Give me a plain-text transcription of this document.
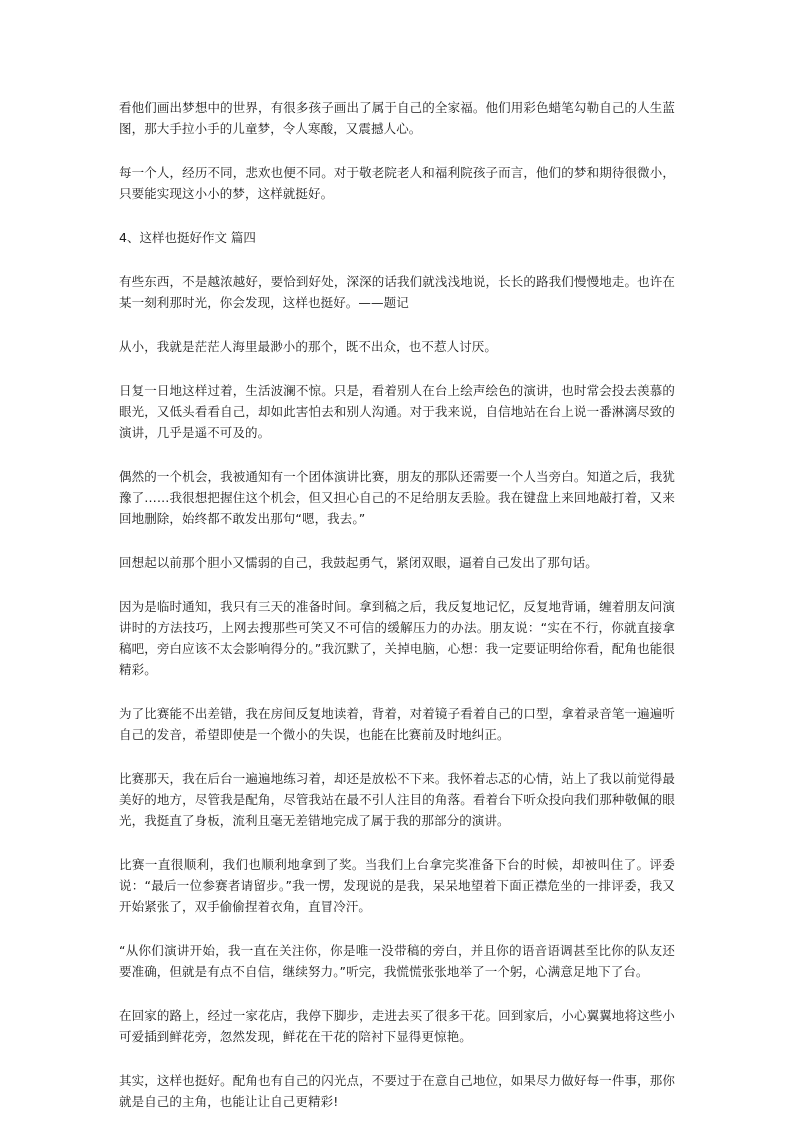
看他们画出梦想中的世界，有很多孩子画出了属于自己的全家福。他们用彩色蜡笔勾勒自己的人生蓝图，那大手拉小手的儿童梦，令人寒酸，又震撼人心。

每一个人，经历不同，悲欢也便不同。对于敬老院老人和福利院孩子而言，他们的梦和期待很微小，只要能实现这小小的梦，这样就挺好。

4、这样也挺好作文 篇四

有些东西，不是越浓越好，要恰到好处，深深的话我们就浅浅地说，长长的路我们慢慢地走。也许在某一刻利那时光，你会发现，这样也挺好。——题记

从小，我就是茫茫人海里最渺小的那个，既不出众，也不惹人讨厌。

日复一日地这样过着，生活波澜不惊。只是，看着别人在台上绘声绘色的演讲，也时常会投去羡慕的眼光，又低头看看自己，却如此害怕去和别人沟通。对于我来说，自信地站在台上说一番淋漓尽致的演讲，几乎是遥不可及的。

偶然的一个机会，我被通知有一个团体演讲比赛，朋友的那队还需要一个人当旁白。知道之后，我犹豫了……我很想把握住这个机会，但又担心自己的不足给朋友丢脸。我在键盘上来回地敲打着，又来回地删除，始终都不敢发出那句“嗯，我去。”

回想起以前那个胆小又懦弱的自己，我鼓起勇气，紧闭双眼，逼着自己发出了那句话。

因为是临时通知，我只有三天的准备时间。拿到稿之后，我反复地记忆，反复地背诵，缠着朋友问演讲时的方法技巧，上网去搜那些可笑又不可信的缓解压力的办法。朋友说：“实在不行，你就直接拿稿吧，旁白应该不太会影响得分的。”我沉默了，关掉电脑，心想：我一定要证明给你看，配角也能很精彩。

为了比赛能不出差错，我在房间反复地读着，背着，对着镜子看着自己的口型，拿着录音笔一遍遍听自己的发音，希望即使是一个微小的失误，也能在比赛前及时地纠正。

比赛那天，我在后台一遍遍地练习着，却还是放松不下来。我怀着忐忑的心情，站上了我以前觉得最美好的地方，尽管我是配角，尽管我站在最不引人注目的角落。看着台下听众投向我们那种敬佩的眼光，我挺直了身板，流利且毫无差错地完成了属于我的那部分的演讲。

比赛一直很顺利，我们也顺利地拿到了奖。当我们上台拿完奖准备下台的时候，却被叫住了。评委说：“最后一位参赛者请留步。”我一愣，发现说的是我，呆呆地望着下面正襟危坐的一排评委，我又开始紧张了，双手偷偷捏着衣角，直冒冷汗。

“从你们演讲开始，我一直在关注你，你是唯一没带稿的旁白，并且你的语音语调甚至比你的队友还要准确，但就是有点不自信，继续努力。”听完，我慌慌张张地举了一个躬，心满意足地下了台。

在回家的路上，经过一家花店，我停下脚步，走进去买了很多干花。回到家后，小心翼翼地将这些小可爱插到鲜花旁，忽然发现，鲜花在干花的陪衬下显得更惊艳。

其实，这样也挺好。配角也有自己的闪光点，不要过于在意自己地位，如果尽力做好每一件事，那你就是自己的主角，也能让让自己更精彩!
